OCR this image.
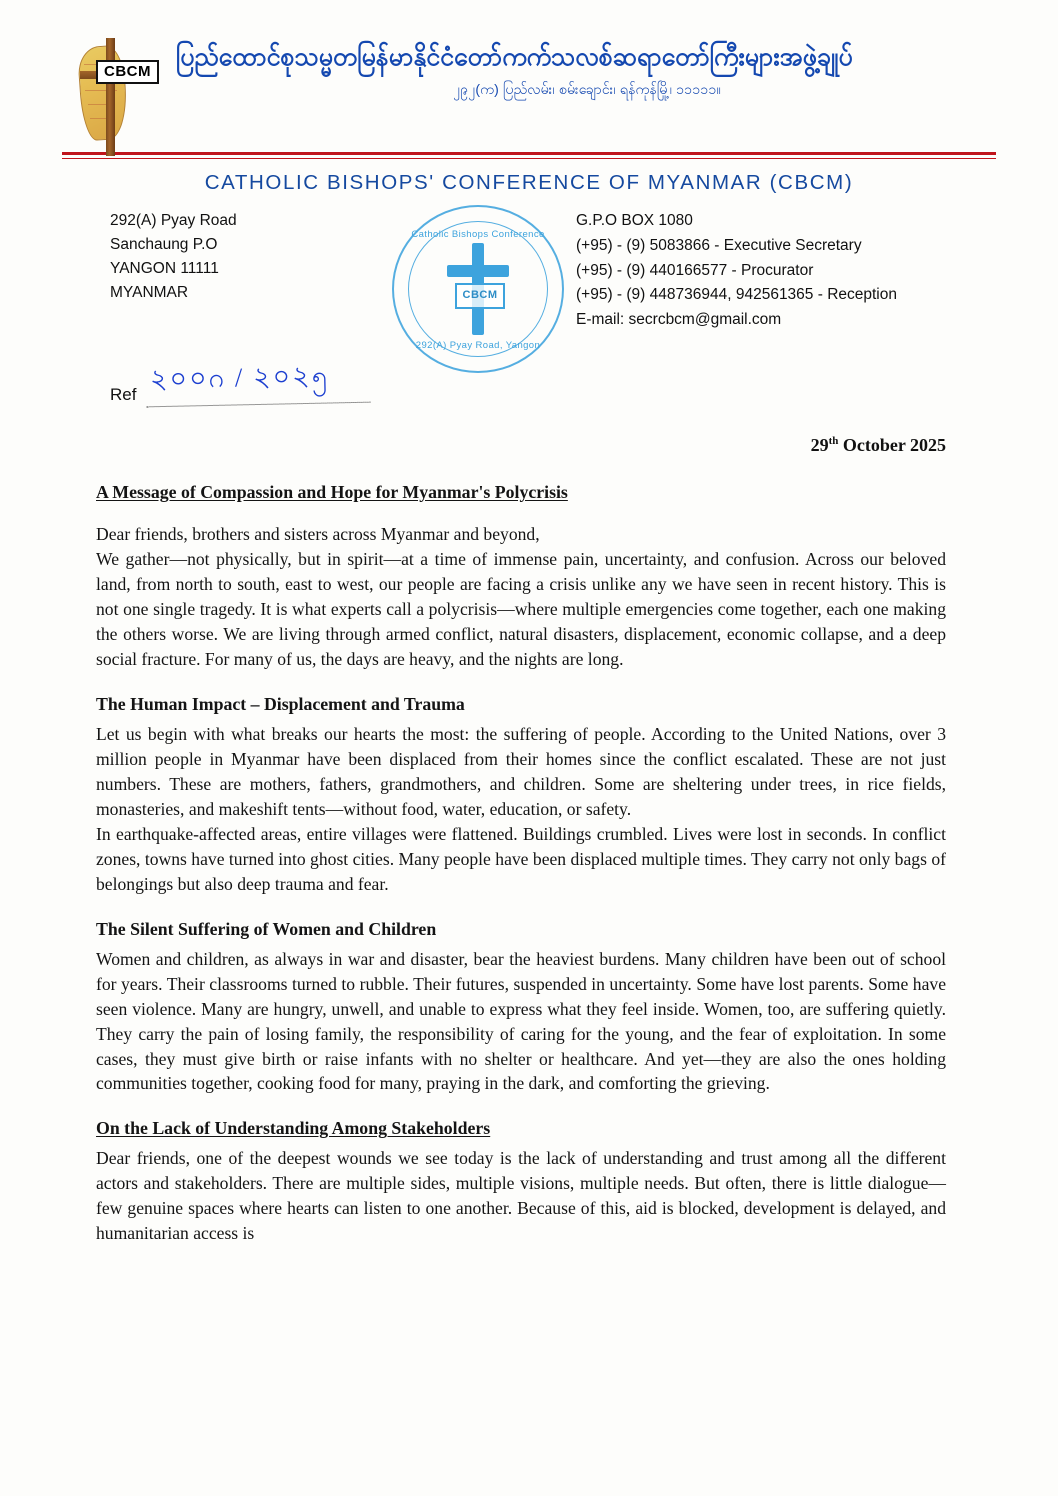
CBCM
ပြည်ထောင်စုသမ္မတမြန်မာနိုင်ငံတော်ကက်သလစ်ဆရာတော်ကြီးများအဖွဲ့ချုပ်
၂၉၂(က) ပြည်လမ်း၊ စမ်းချောင်း၊ ရန်ကုန်မြို့၊ ၁၁၁၁၁။
CATHOLIC BISHOPS' CONFERENCE OF MYANMAR (CBCM)
292(A) Pyay Road
Sanchaung P.O
YANGON 11111
MYANMAR
Catholic Bishops Conference
292(A) Pyay Road, Yangon
CBCM
G.P.O BOX 1080
(+95) - (9) 5083866 - Executive Secretary
(+95) - (9) 440166577 - Procurator
(+95) - (9) 448736944, 942561365 - Reception
E-mail: secrcbcm@gmail.com
Ref
২০০ဂ / ২০২၅
29th October 2025
A Message of Compassion and Hope for Myanmar's Polycrisis

Dear friends, brothers and sisters across Myanmar and beyond,

We gather—not physically, but in spirit—at a time of immense pain, uncertainty, and confusion. Across our beloved land, from north to south, east to west, our people are facing a crisis unlike any we have seen in recent history. This is not one single tragedy. It is what experts call a polycrisis—where multiple emergencies come together, each one making the others worse. We are living through armed conflict, natural disasters, displacement, economic collapse, and a deep social fracture. For many of us, the days are heavy, and the nights are long.

The Human Impact – Displacement and Trauma

Let us begin with what breaks our hearts the most: the suffering of people. According to the United Nations, over 3 million people in Myanmar have been displaced from their homes since the conflict escalated. These are not just numbers. These are mothers, fathers, grandmothers, and children. Some are sheltering under trees, in rice fields, monasteries, and makeshift tents—without food, water, education, or safety.

In earthquake-affected areas, entire villages were flattened. Buildings crumbled. Lives were lost in seconds. In conflict zones, towns have turned into ghost cities. Many people have been displaced multiple times. They carry not only bags of belongings but also deep trauma and fear.

The Silent Suffering of Women and Children

Women and children, as always in war and disaster, bear the heaviest burdens. Many children have been out of school for years. Their classrooms turned to rubble. Their futures, suspended in uncertainty. Some have lost parents. Some have seen violence. Many are hungry, unwell, and unable to express what they feel inside. Women, too, are suffering quietly. They carry the pain of losing family, the responsibility of caring for the young, and the fear of exploitation. In some cases, they must give birth or raise infants with no shelter or healthcare. And yet—they are also the ones holding communities together, cooking food for many, praying in the dark, and comforting the grieving.

On the Lack of Understanding Among Stakeholders

Dear friends, one of the deepest wounds we see today is the lack of understanding and trust among all the different actors and stakeholders. There are multiple sides, multiple visions, multiple needs. But often, there is little dialogue—few genuine spaces where hearts can listen to one another. Because of this, aid is blocked, development is delayed, and humanitarian access is
